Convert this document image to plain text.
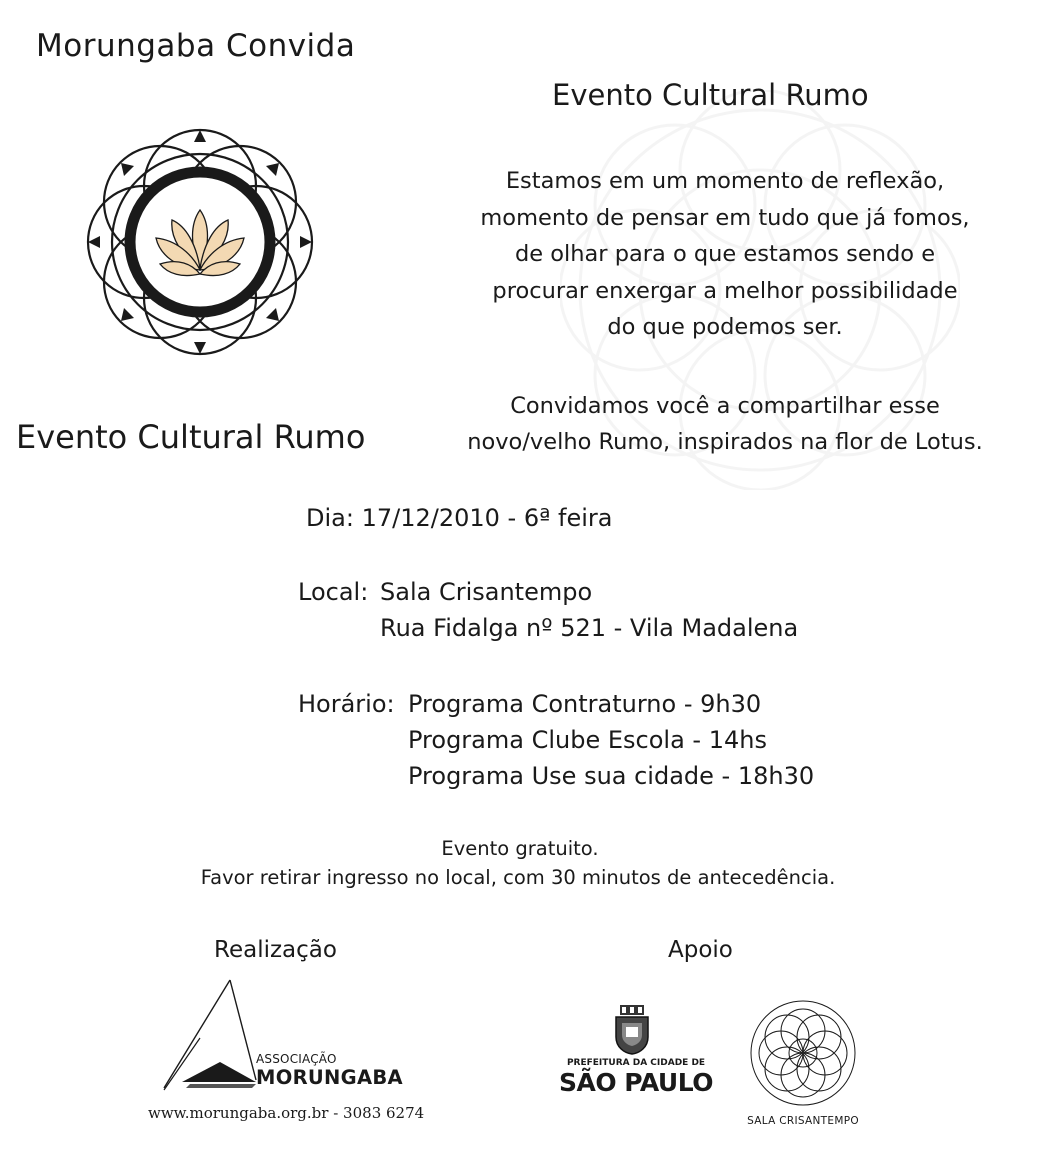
Morungaba Convida
Evento Cultural Rumo
Estamos em um momento de reflexão,
momento de pensar em tudo que já fomos,
de olhar para o que estamos sendo e
procurar enxergar a melhor possibilidade
do que podemos ser.
Evento Cultural Rumo
Convidamos você a compartilhar esse
novo/velho Rumo, inspirados na flor de Lotus.
Dia: 17/12/2010 - 6ª feira
Local: Sala Crisantempo
Rua Fidalga nº 521 - Vila Madalena
Horário: Programa Contraturno - 9h30
Programa Clube Escola - 14hs
Programa Use sua cidade - 18h30
Evento gratuito.
Favor retirar ingresso no local, com 30 minutos de antecedência.
Realização	Apoio
ASSOCIAÇÃO
MORUNGABA
www.morungaba.org.br - 3083 6274
PREFEITURA DA CIDADE DE
SÃO PAULO
SALA CRISANTEMPO
